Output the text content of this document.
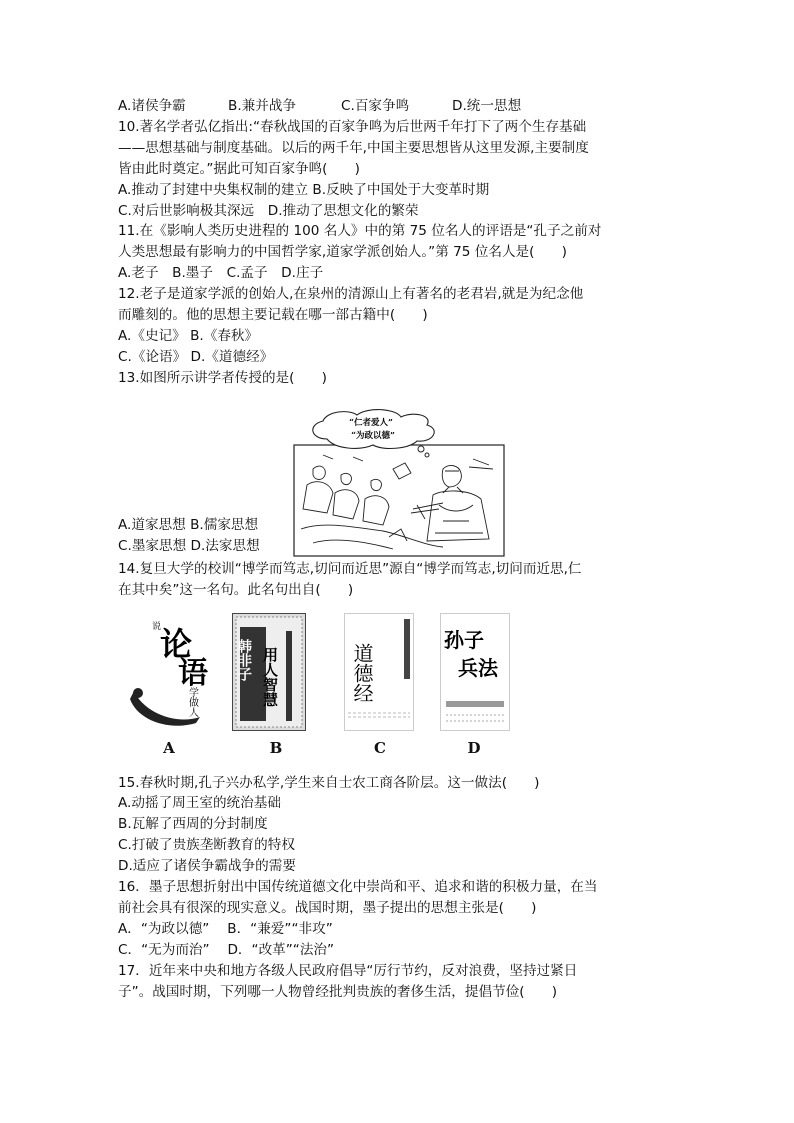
A.诸侯争霸	B.兼并战争	C.百家争鸣	D.统一思想
10.著名学者弘亿指出:“春秋战国的百家争鸣为后世两千年打下了两个生存基础
——思想基础与制度基础。以后的两千年,中国主要思想皆从这里发源,主要制度
皆由此时奠定。”据此可知百家争鸣(　　)
A.推动了封建中央集权制的建立 B.反映了中国处于大变革时期
C.对后世影响极其深远　D.推动了思想文化的繁荣
11.在《影响人类历史进程的 100 名人》中的第 75 位名人的评语是“孔子之前对
人类思想最有影响力的中国哲学家,道家学派创始人。”第 75 位名人是(　　)
A.老子　B.墨子　C.孟子　D.庄子
12.老子是道家学派的创始人,在泉州的清源山上有著名的老君岩,就是为纪念他
而雕刻的。他的思想主要记载在哪一部古籍中(　　)
A.《史记》 B.《春秋》
C.《论语》 D.《道德经》
13.如图所示讲学者传授的是(　　)
“仁者爱人”
“为政以德”
A.道家思想 B.儒家思想
C.墨家思想 D.法家思想
14.复旦大学的校训“博学而笃志,切问而近思”源自“博学而笃志,切问而近思,仁
在其中矣”这一名句。此名句出自(　　)
说
论
语
学做人
韩非子 用人智慧	道德经
孙子
兵法
A	B	C	D
15.春秋时期,孔子兴办私学,学生来自士农工商各阶层。这一做法(　　)
A.动摇了周王室的统治基础
B.瓦解了西周的分封制度
C.打破了贵族垄断教育的特权
D.适应了诸侯争霸战争的需要
16．墨子思想折射出中国传统道德文化中崇尚和平、追求和谐的积极力量，在当
前社会具有很深的现实意义。战国时期，墨子提出的思想主张是(　　)
A．“为政以德”　 B．“兼爱”“非攻”
C．“无为而治”　 D．“改革”“法治”
17．近年来中央和地方各级人民政府倡导“厉行节约，反对浪费，坚持过紧日
子”。战国时期，下列哪一人物曾经批判贵族的奢侈生活，提倡节俭(　　)
